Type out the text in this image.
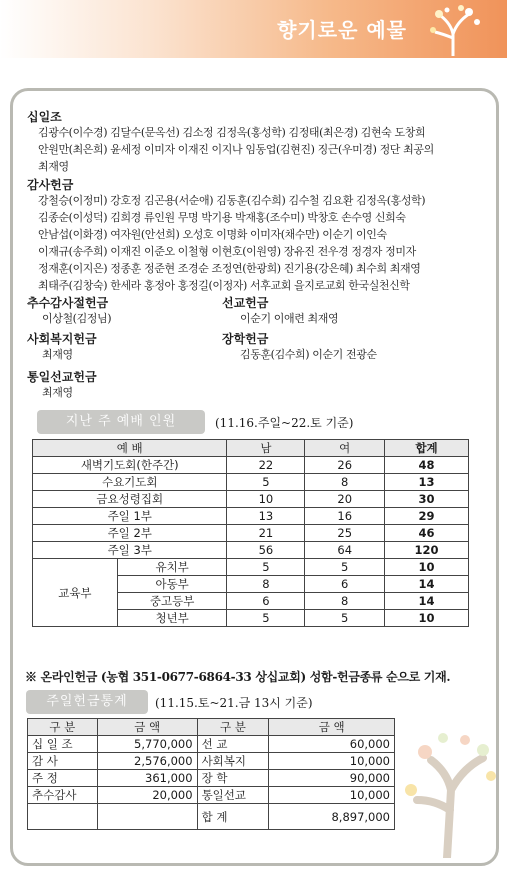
향기로운 예물
십일조
김광수(이수경) 김달수(문옥선) 김소정 김정옥(홍성학) 김정태(최은경) 김현숙 도창희
안원만(최은희) 윤세정 이미자 이재진 이지나 임동업(김현진) 징근(우미경) 정단 최공의
최재영
감사헌금
강철승(이정미) 강호정 김곤용(서순애) 김동훈(김수희) 김수철 김요환 김정옥(홍성학)
김종순(이성덕) 김희경 류인원 무명 박기용 박재홍(조수미) 박창호 손수영 신희숙
안남섭(이화경) 여자원(안선희) 오성호 이명화 이미자(채수만) 이순기 이인숙
이재규(송주희) 이재진 이준오 이철형 이현호(이원영) 장유진 전우경 정경자 정미자
정재훈(이지은) 정종훈 정준현 조경순 조정연(한광희) 진기용(강은혜) 최수희 최재영
최태주(김창숙) 한세라 홍정아 홍정길(이정자) 서후교회 을지로교회 한국실천신학
추수감사절헌금
이상철(김정님)
선교헌금
이순기 이애련 최재영
사회복지헌금
최재영
장학헌금
김동훈(김수희) 이순기 전광순
통일선교헌금
최재영
지난 주 예배 인원	(11.16.주일~22.토 기준)
예 배		남	여	합계
새벽기도회(한주간)		22	26	48
수요기도회		5	8	13
금요성령집회		10	20	30
주일 1부		13	16	29
주일 2부		21	25	46
주일 3부		56	64	120
교육부	유치부	5	5	10
	아동부	8	6	14
	중고등부	6	8	14
	청년부	5	5	10
※ 온라인헌금 (농협 351-0677-6864-33 상십교회) 성함-헌금종류 순으로 기재.
주일헌금통계	(11.15.토~21.금 13시 기준)
구 분	금 액	구 분	금 액
십 일 조	5,770,000	선 교	60,000
감 사	2,576,000	사회복지	10,000
주 정	361,000	장 학	90,000
추수감사	20,000	통일선교	10,000
		합 계	8,897,000
